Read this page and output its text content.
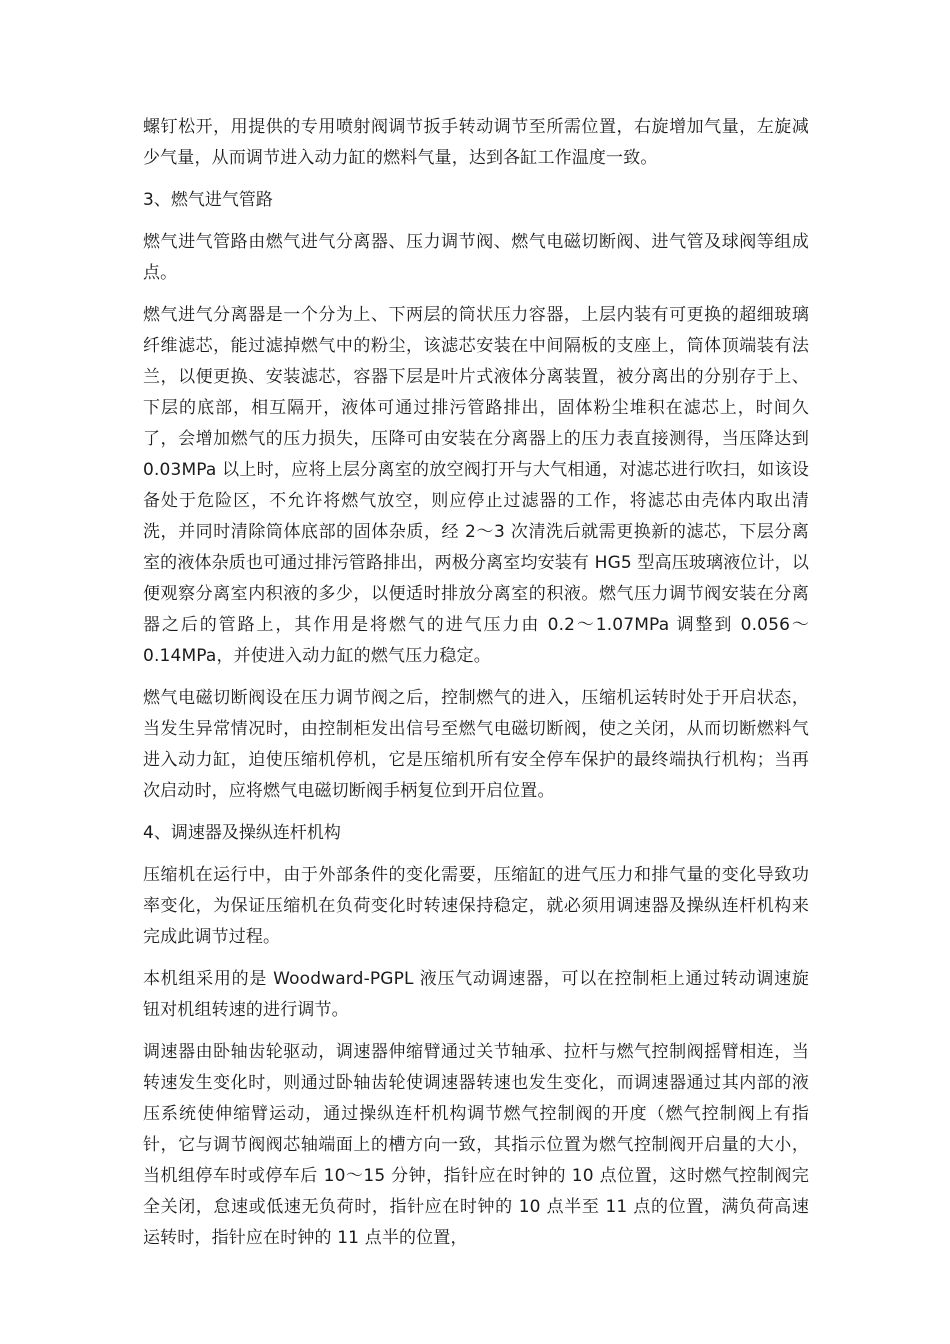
螺钉松开，用提供的专用喷射阀调节扳手转动调节至所需位置，右旋增加气量，左旋减少气量，从而调节进入动力缸的燃料气量，达到各缸工作温度一致。

3、燃气进气管路

燃气进气管路由燃气进气分离器、压力调节阀、燃气电磁切断阀、进气管及球阀等组成点。

燃气进气分离器是一个分为上、下两层的筒状压力容器，上层内装有可更换的超细玻璃纤维滤芯，能过滤掉燃气中的粉尘，该滤芯安装在中间隔板的支座上，筒体顶端装有法兰，以便更换、安装滤芯，容器下层是叶片式液体分离装置，被分离出的分别存于上、下层的底部，相互隔开，液体可通过排污管路排出，固体粉尘堆积在滤芯上，时间久了，会增加燃气的压力损失，压降可由安装在分离器上的压力表直接测得，当压降达到 0.03MPa 以上时，应将上层分离室的放空阀打开与大气相通，对滤芯进行吹扫，如该设备处于危险区，不允许将燃气放空，则应停止过滤器的工作，将滤芯由壳体内取出清洗，并同时清除筒体底部的固体杂质，经 2～3 次清洗后就需更换新的滤芯，下层分离室的液体杂质也可通过排污管路排出，两极分离室均安装有 HG5 型高压玻璃液位计，以便观察分离室内积液的多少，以便适时排放分离室的积液。燃气压力调节阀安装在分离器之后的管路上，其作用是将燃气的进气压力由 0.2～1.07MPa 调整到 0.056～0.14MPa，并使进入动力缸的燃气压力稳定。

燃气电磁切断阀设在压力调节阀之后，控制燃气的进入，压缩机运转时处于开启状态，当发生异常情况时，由控制柜发出信号至燃气电磁切断阀，使之关闭，从而切断燃料气进入动力缸，迫使压缩机停机，它是压缩机所有安全停车保护的最终端执行机构；当再次启动时，应将燃气电磁切断阀手柄复位到开启位置。

4、调速器及操纵连杆机构

压缩机在运行中，由于外部条件的变化需要，压缩缸的进气压力和排气量的变化导致功率变化，为保证压缩机在负荷变化时转速保持稳定，就必须用调速器及操纵连杆机构来完成此调节过程。

本机组采用的是 Woodward-PGPL 液压气动调速器，可以在控制柜上通过转动调速旋钮对机组转速的进行调节。

调速器由卧轴齿轮驱动，调速器伸缩臂通过关节轴承、拉杆与燃气控制阀摇臂相连，当转速发生变化时，则通过卧轴齿轮使调速器转速也发生变化，而调速器通过其内部的液压系统使伸缩臂运动，通过操纵连杆机构调节燃气控制阀的开度（燃气控制阀上有指针，它与调节阀阀芯轴端面上的槽方向一致，其指示位置为燃气控制阀开启量的大小，当机组停车时或停车后 10～15 分钟，指针应在时钟的 10 点位置，这时燃气控制阀完全关闭，怠速或低速无负荷时，指针应在时钟的 10 点半至 11 点的位置，满负荷高速运转时，指针应在时钟的 11 点半的位置，
